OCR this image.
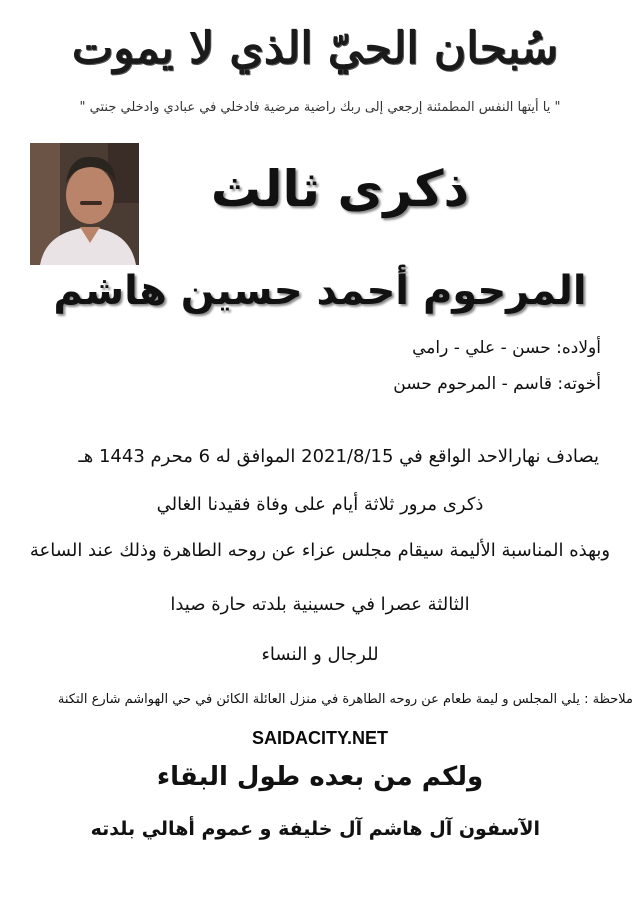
سُبحان الحيّ الذي لا يموت
" يا أيتها النفس المطمئنة إرجعي إلى ربك راضية مرضية فادخلي في عبادي وادخلي جنتي "
ذكرى ثالث
المرحوم أحمد حسين هاشم
أولاده: حسن - علي - رامي
أخوته: قاسم - المرحوم حسن
يصادف نهارالاحد الواقع في 2021/8/15 الموافق له 6 محرم 1443 هـ
ذكرى مرور ثلاثة أيام على وفاة فقيدنا الغالي
وبهذه المناسبة الأليمة سيقام مجلس عزاء عن روحه الطاهرة وذلك عند الساعة
الثالثة عصرا في حسينية بلدته حارة صيدا
للرجال و النساء
ملاحظة : يلي المجلس و ليمة طعام عن روحه الطاهرة في منزل العائلة الكائن في حي الهواشم شارع التكنة
SAIDACITY.NET
ولكم من بعده طول البقاء
الآسفون آل هاشم آل خليفة و عموم أهالي بلدته
